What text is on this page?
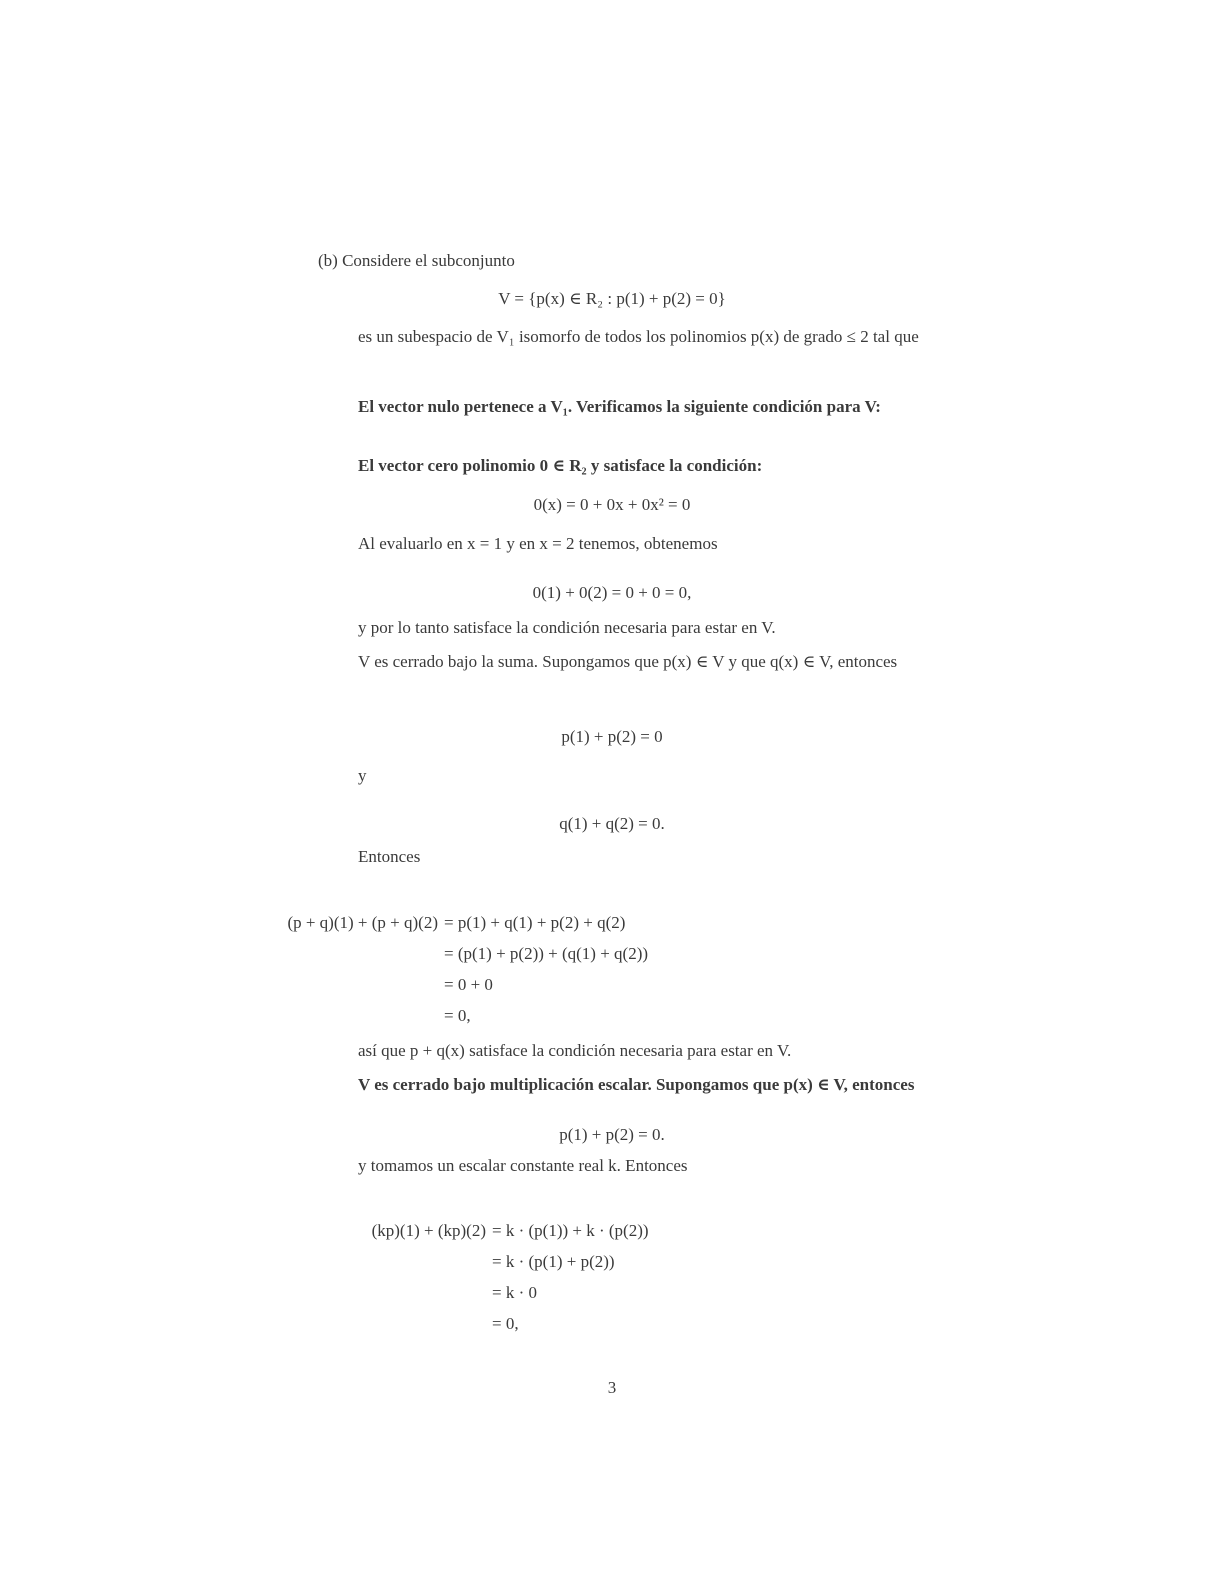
(b) Considere el subconjunto
V = {p(x) ∈ R₂ : p(1) + p(2) = 0}
es un subespacio de V₁ isomorfo de todos los polinomios p(x) de grado ≤ 2 tal que
El vector nulo pertenece a V₁. Verificamos la siguiente condición para V:
El vector cero polinomio 0 ∈ R₂ y satisface la condición:
0(x) = 0 + 0x + 0x² = 0
Al evaluarlo en x = 1 y en x = 2 tenemos, obtenemos
0(1) + 0(2) = 0 + 0 = 0,
y por lo tanto satisface la condición necesaria para estar en V.
V es cerrado bajo la suma. Supongamos que p(x) ∈ V y que q(x) ∈ V, entonces
p(1) + p(2) = 0
y
q(1) + q(2) = 0.
Entonces
(p + q)(1) + (p + q)(2) = p(1) + q(1) + p(2) + q(2)
= (p(1) + p(2)) + (q(1) + q(2))
= 0 + 0
= 0,
así que p + q(x) satisface la condición necesaria para estar en V.
V es cerrado bajo multiplicación escalar. Supongamos que p(x) ∈ V, entonces
p(1) + p(2) = 0.
y tomamos un escalar constante real k. Entonces
(kp)(1) + (kp)(2) = k · (p(1)) + k · (p(2))
= k · (p(1) + p(2))
= k · 0
= 0,
3
